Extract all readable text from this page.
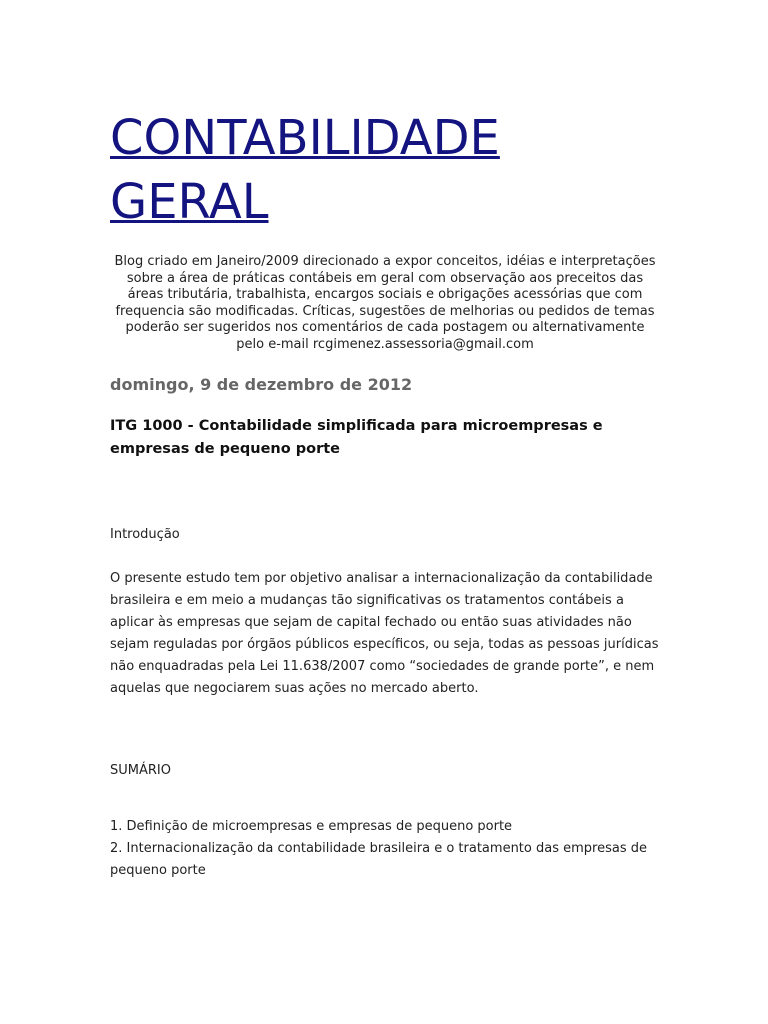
CONTABILIDADE
GERAL

Blog criado em Janeiro/2009 direcionado a expor conceitos, idéias e interpretações sobre a área de práticas contábeis em geral com observação aos preceitos das áreas tributária, trabalhista, encargos sociais e obrigações acessórias que com frequencia são modificadas. Críticas, sugestões de melhorias ou pedidos de temas poderão ser sugeridos nos comentários de cada postagem ou alternativamente pelo e-mail rcgimenez.assessoria@gmail.com

domingo, 9 de dezembro de 2012
ITG 1000 - Contabilidade simplificada para microempresas e
empresas de pequeno porte

Introdução

O presente estudo tem por objetivo analisar a internacionalização da contabilidade brasileira e em meio a mudanças tão significativas os tratamentos contábeis a aplicar às empresas que sejam de capital fechado ou então suas atividades não sejam reguladas por órgãos públicos específicos, ou seja, todas as pessoas jurídicas não enquadradas pela Lei 11.638/2007 como “sociedades de grande porte”, e nem aquelas que negociarem suas ações no mercado aberto.

SUMÁRIO

1. Definição de microempresas e empresas de pequeno porte
2. Internacionalização da contabilidade brasileira e o tratamento das empresas de pequeno porte
